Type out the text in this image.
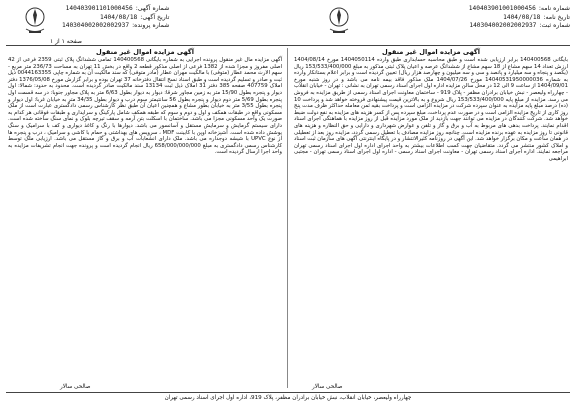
شماره نامه:
140403901001000456
تاریخ نامه:
1404/08/18
شماره ثبت:
140304002002002937
شماره آگهی:
140403901101000456
تاریخ آگهی:
1404/08/18
شماره پرونده:
140304002002002937
صفحه ۱ از ۱
آگهی مزایده اموال غیر منقول

بایگانی 140400568 برابر ارزیابی شده است و طبق محاسبه حسابداری طبق وارده 1404050114 مورخ 1404/08/14 ارزش تعداد 14 سهم مشاع از 18 سهم مشاع از ششدانگ عرصه و اعیان پلاک ثبتی مذکور به مبلغ 153/533/400/000 ریال (یکصد و پنجاه و سه میلیارد و پانصد و سی و سه میلیون و چهارصد هزار ریال) تعیین گردیده است و برابر اعلام بستانکار وارده به شماره 14040531950000036 مورخ 1404/07/26 ملک مذکور فاقد بیمه نامه می باشد و در روز شنبه مورخ 1404/09/01 از ساعت 9 الی 12 در محل سالن مزایده اداره اول اجرای اسناد رسمی تهران به نشانی : تهران - خیابان انقلاب - چهارراه ولیعصر - نبش خیابان برادران مظفر - پلاک 919 - ساختمان معاونت اجرای اسناد رسمی از طریق مزایده به فروش می رسد. مزایده از مبلغ پایه 153/533/400/000 ریال شروع و به بالاترین قیمت پیشنهادی فروخته خواهد شد و پرداخت 10 (ده) درصد مبلغ پایه مزایده به عنوان سپرده شرکت در مزایده الزامی است و پرداخت بقیه ثمن معامله حداکثر ظرف مدت پنج روز کاری از تاریخ مزایده الزامی است و در صورت عدم پرداخت، مبلغ سپرده پس از کسر هزینه های مزایده به نفع دولت ضبط خواهد شد. شرکت کنندگان در مزایده می توانند جهت بازدید از ملک مورد مزایده قبل از روز مزایده با هماهنگی اجرای اسناد اقدام نمایند. پرداخت بدهی های مربوط به آب و برق و گاز و تلفن و عوارض شهرداری و دارایی و حق النظاره و هزینه های قانونی تا روز مزایده به عهده برنده مزایده است. چنانچه روز مزایده مصادف با تعطیل رسمی گردد، مزایده روز بعد از تعطیلی در همان ساعت و مکان برگزار خواهد شد. این آگهی در روزنامه کثیرالانتشار و در پایگاه اینترنتی آگهی های سازمان ثبت اسناد و املاک کشور منتشر می گردد. متقاضیان جهت کسب اطلاعات بیشتر به واحد اجرای اداره اول اجرای اسناد رسمی تهران مراجعه نمایند. اداره اجرای اسناد رسمی تهران - معاونت اجرای اسناد رسمی - اداره اول اجرای اسناد رسمی تهران - مجتبی ابراهیمی

آگهی مزایده اموال غیر منقول

آگهی مزایده مال غیر منقول پرونده اجرایی به شماره بایگانی 140400568 تمامی ششدانگ پلاک ثبتی 2359 فرعی از 42 اصلی مفروز و مجزا شده از 1382 فرعی از اصلی مذکور قطعه 2 واقع در بخش 11 تهران به مساحت 236/73 متر مربع - سهم الارث محمد عطار (متوفی) با مالکیت مهران عطار (مادر متوفی) که سند مالکیت آن به شماره چاپی 0044163355 ذیل ثبت و صادر و تسلیم گردیده است و طبق اسناد نسخ انتقال دفترخانه 37 تهران بوده و برابر گزارش مورخ 1376/05/08 دفتر املاک 407759 صفحه 385 دفتر 31 املاک ذیل ثبت 13134 سند مالکیت صادر گردیده است. محدود به حدود: شمالا: اول دیوار و پنجره بطول 15/90 متر به زمین مجاور شرقا: دیوار به دیوار بطول 6/63 متر به پلاک مجاور جنوبا: در سه قسمت اول پنجره بطول 5/69 متر دوم دیوار و پنجره بطول 56 سانتیمتر سوم درب و دیوار بطول 34/35 متر به خیابان غربا: اول دیوار و پنجره بطول 3/55 متر به خیابان بطور مشاع و همچنین اعیان آن طبق نظر کارشناس رسمی دادگستری عبارت است از ملک مسکونی واقع در طبقات همکف و اول و دوم و سوم که طبقه همکف شامل پارکینگ و سرایداری و طبقات فوقانی هر کدام به صورت یک واحد مسکونی مجزا می باشد. ساختمان با اسکلت بتن آرمه و سقف تیرچه بلوک و نمای سنگ ساخته شده است. دارای سیستم گرمایش و سرمایش مستقل و آسانسور می باشد. دیوارها با رنگ و کاغذ دیواری و کف با سرامیک و سنگ پوشش داده شده است. آشپزخانه اوپن با کابینت MDF ، سرویس های بهداشتی و حمام با کاشی و سرامیک ، درب و پنجره ها از نوع UPVC با شیشه دوجداره می باشد. ملک دارای انشعابات آب و برق و گاز مستقل می باشد. ارزیابی ملک توسط کارشناس رسمی دادگستری به مبلغ 658/000/000/000 ریال انجام گردیده است و پرونده جهت انجام تشریفات مزایده به واحد اجرا ارسال گردیده است.

صالحی سالار
صالحی سالار
چهارراه ولیعصر، خیابان انقلاب، نبش خیابان برادران مظفر، پلاک 919، اداره اول اجرای اسناد رسمی تهران
